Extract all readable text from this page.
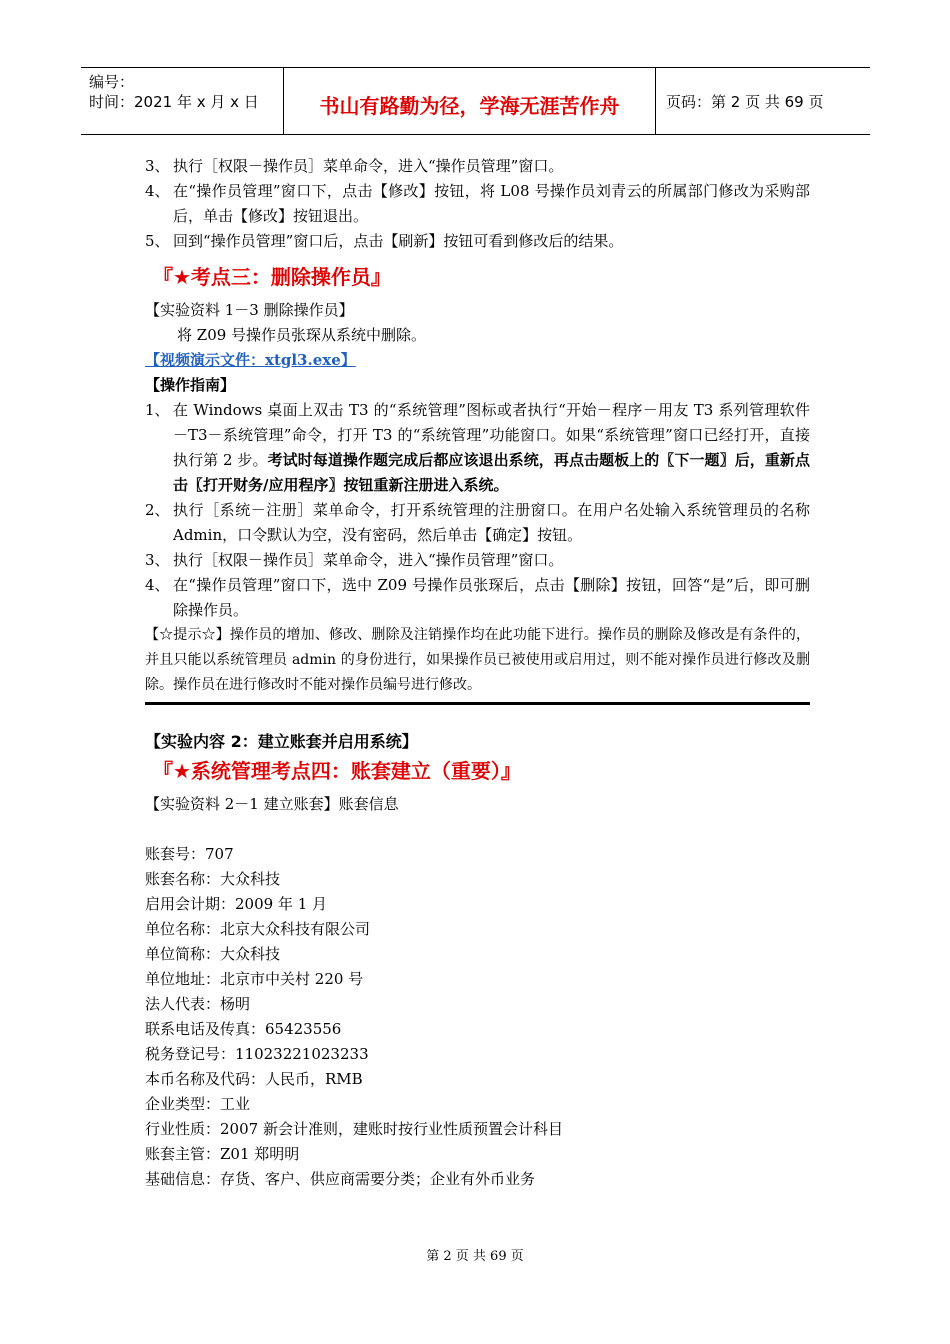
编号：
时间：2021 年 x 月 x 日	书山有路勤为径，学海无涯苦作舟	页码：第 2 页 共 69 页
3、 执行［权限－操作员］菜单命令，进入“操作员管理”窗口。
4、 在“操作员管理”窗口下，点击【修改】按钮，将 L08 号操作员刘青云的所属部门修改为采购部后，单击【修改】按钮退出。
5、 回到“操作员管理”窗口后，点击【刷新】按钮可看到修改后的结果。
『★考点三：删除操作员』
【实验资料 1－3 删除操作员】
将 Z09 号操作员张琛从系统中删除。
【视频演示文件：xtgl3.exe】
【操作指南】
1、 在 Windows 桌面上双击 T3 的“系统管理”图标或者执行“开始－程序－用友 T3 系列管理软件－T3－系统管理”命令，打开 T3 的“系统管理”功能窗口。如果“系统管理”窗口已经打开，直接执行第 2 步。考试时每道操作题完成后都应该退出系统，再点击题板上的〖下一题〗后，重新点击〖打开财务/应用程序〗按钮重新注册进入系统。
2、 执行［系统－注册］菜单命令，打开系统管理的注册窗口。在用户名处输入系统管理员的名称 Admin，口令默认为空，没有密码，然后单击【确定】按钮。
3、 执行［权限－操作员］菜单命令，进入“操作员管理”窗口。
4、 在“操作员管理”窗口下，选中 Z09 号操作员张琛后，点击【删除】按钮，回答“是”后，即可删除操作员。
【☆提示☆】操作员的增加、修改、删除及注销操作均在此功能下进行。操作员的删除及修改是有条件的，并且只能以系统管理员 admin 的身份进行，如果操作员已被使用或启用过，则不能对操作员进行修改及删除。操作员在进行修改时不能对操作员编号进行修改。
【实验内容 2：建立账套并启用系统】
『★系统管理考点四：账套建立（重要）』
【实验资料 2－1 建立账套】账套信息
账套号：707
账套名称：大众科技
启用会计期：2009 年 1 月
单位名称：北京大众科技有限公司
单位简称：大众科技
单位地址：北京市中关村 220 号
法人代表：杨明
联系电话及传真：65423556
税务登记号：11023221023233
本币名称及代码：人民币，RMB
企业类型：工业
行业性质：2007 新会计准则，建账时按行业性质预置会计科目
账套主管：Z01 郑明明
基础信息：存货、客户、供应商需要分类；企业有外币业务
第 2 页 共 69 页
